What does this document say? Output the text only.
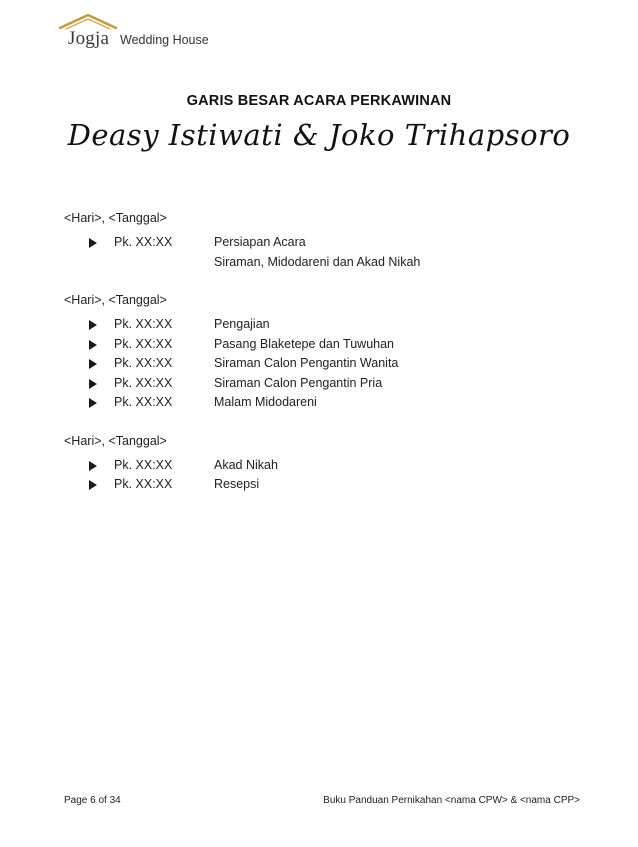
Jogja Wedding House
GARIS BESAR ACARA PERKAWINAN
Deasy Istiwati & Joko Trihapsoro
<Hari>, <Tanggal>
Pk. XX:XX	Persiapan Acara
Siraman, Midodareni dan Akad Nikah
<Hari>, <Tanggal>
Pk. XX:XX	Pengajian
Pk. XX:XX	Pasang Blaketepe dan Tuwuhan
Pk. XX:XX	Siraman Calon Pengantin Wanita
Pk. XX:XX	Siraman Calon Pengantin Pria
Pk. XX:XX	Malam Midodareni
<Hari>, <Tanggal>
Pk. XX:XX	Akad Nikah
Pk. XX:XX	Resepsi
Page 6 of 34	Buku Panduan Pernikahan <nama CPW> & <nama CPP>
